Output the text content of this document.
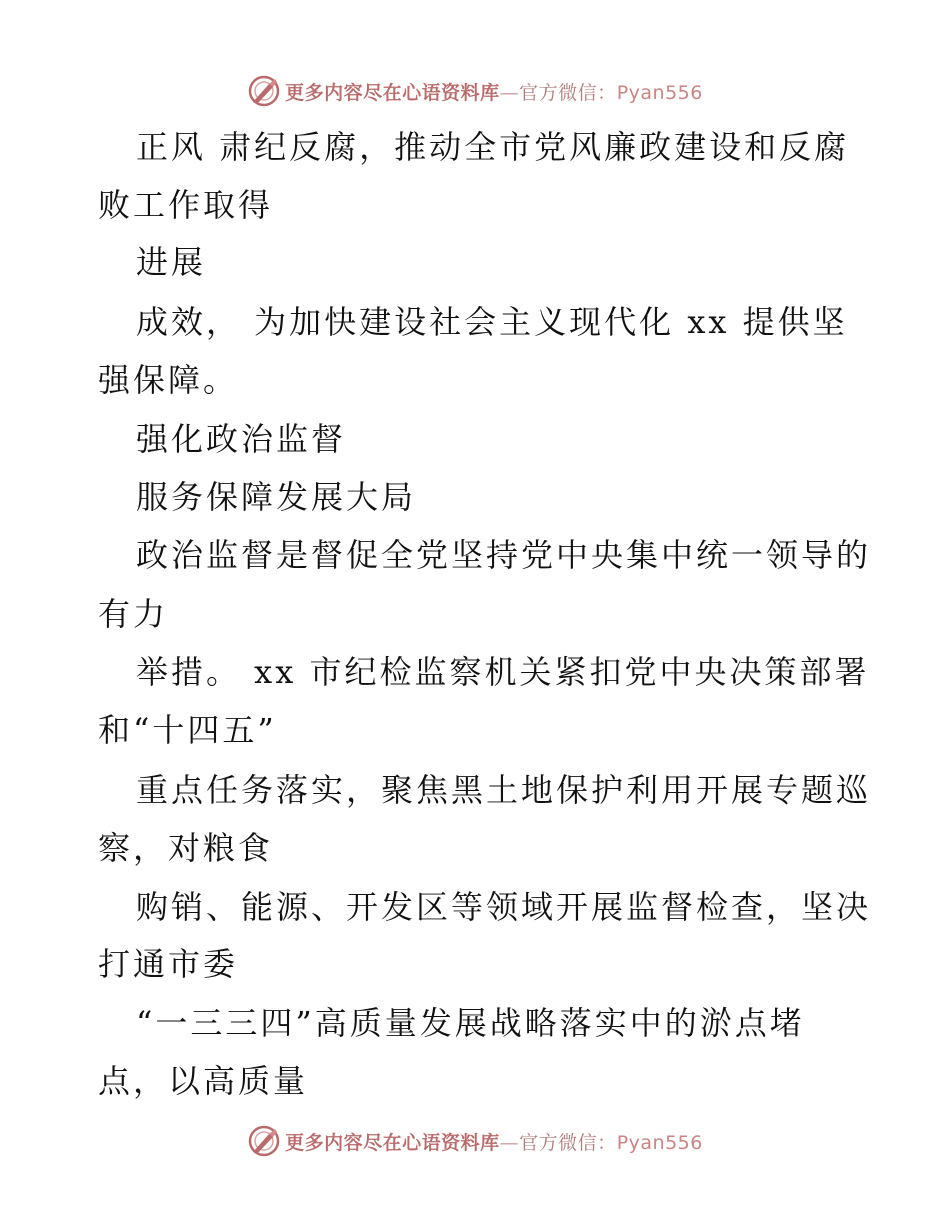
更多内容尽在心语资料库—官方微信：Pyan556
正风 肃纪反腐，推动全市党风廉政建设和反腐
败工作取得
进展
成效， 为加快建设社会主义现代化 xx 提供坚
强保障。
强化政治监督
服务保障发展大局
政治监督是督促全党坚持党中央集中统一领导的
有力
举措。 xx 市纪检监察机关紧扣党中央决策部署
和“十四五”
重点任务落实，聚焦黑土地保护利用开展专题巡
察，对粮食
购销、能源、开发区等领域开展监督检查，坚决
打通市委
“一三三四”高质量发展战略落实中的淤点堵
点，以高质量
更多内容尽在心语资料库—官方微信：Pyan556
